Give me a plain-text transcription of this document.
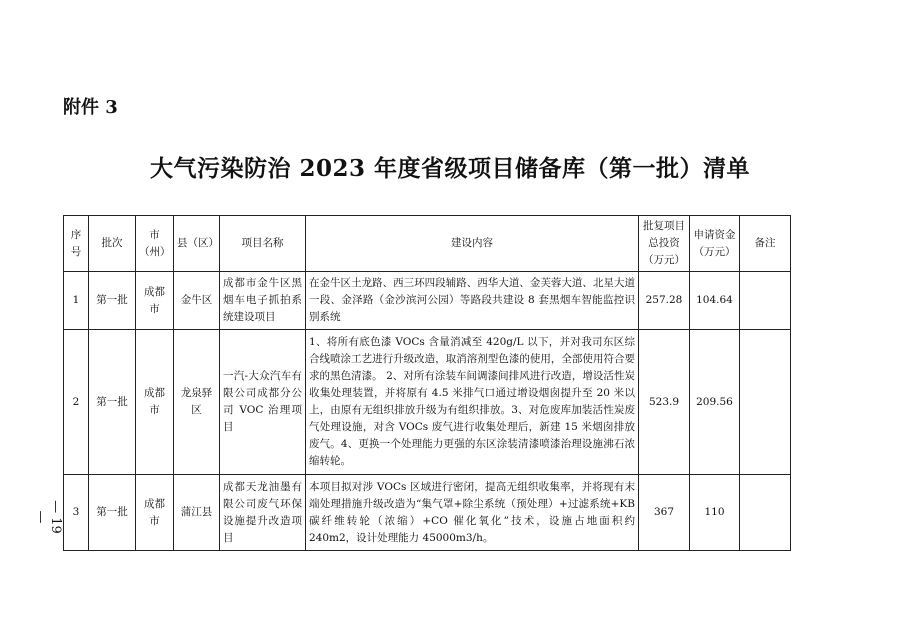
附件 3
大气污染防治 2023 年度省级项目储备库（第一批）清单
— 19 —
序号	批次	市（州）	县（区）	项目名称	建设内容	批复项目总投资（万元）	申请资金（万元）	备注
1	第一批	成都市	金牛区	成都市金牛区黑烟车电子抓拍系统建设项目	在金牛区土龙路、西三环四段辅路、西华大道、金芙蓉大道、北星大道一段、金泽路（金沙滨河公园）等路段共建设 8 套黑烟车智能监控识别系统	257.28	104.64	
2	第一批	成都市	龙泉驿区	一汽-大众汽车有限公司成都分公司 VOC 治理项目	1、将所有底色漆 VOCs 含量消减至 420g/L 以下，并对我司东区综合线喷涂工艺进行升级改造，取消溶剂型色漆的使用，全部使用符合要求的黑色清漆。 2、对所有涂装车间调漆间排风进行改造，增设活性炭收集处理装置，并将原有 4.5 米排气口通过增设烟囱提升至 20 米以上，由原有无组织排放升级为有组织排放。3、对危废库加装活性炭废气处理设施，对含 VOCs 废气进行收集处理后，新建 15 米烟囱排放废气。4、更换一个处理能力更强的东区涂装清漆喷漆治理设施沸石浓缩转轮。	523.9	209.56	
3	第一批	成都市	蒲江县	成都天龙油墨有限公司废气环保设施提升改造项目	本项目拟对涉 VOCs 区域进行密闭，提高无组织收集率，并将现有末端处理措施升级改造为“集气罩+除尘系统（预处理）+过滤系统+KB 碳纤维转轮（浓缩）+CO 催化氧化”技术，设施占地面积约 240m2，设计处理能力 45000m3/h。	367	110	
